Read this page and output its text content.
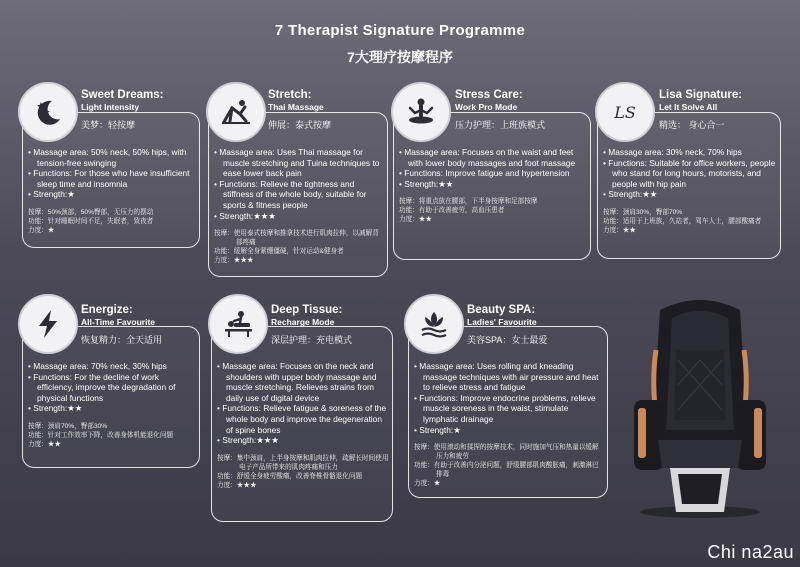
7 Therapist Signature Programme
7大理疗按摩程序
Sweet Dreams:
Light Intensity
美梦：轻按摩
• Massage area: 50% neck, 50% hips, with tension-free swinging
• Functions: For those who have insufficient sleep time and insomnia
• Strength:★
按摩：50%颈部，50%臀部，无压力的摆动
功能：针对睡眠时间不足，失眠者，致夜者
力度：★
Stretch:
Thai Massage
伸展：泰式按摩
• Massage area: Uses Thai massage for muscle stretching and Tuina techniques to ease lower back pain
• Functions: Relieve the tightness and stiffness of the whole body, suitable for sports & fitness people
• Strength:★★★
按摩：使用泰式按摩和推拿技术进行肌肉拉伸，以减解背部疼痛
功能：缓解全身紧绷僵硬，针对运动&健身者
力度：★★★
Stress Care:
Work Pro Mode
压力护理：上班族模式
• Massage area: Focuses on the waist and feet with lower body massages and foot massage
• Functions: Improve fatigue and hypertension
• Strength:★★
按摩：将重点放在腰部，下半身按摩和足部按摩
功能：有助于改善疲劳，高血压患者
力度：★★
LS
Lisa Signature:
Let It Solve All
精选： 身心合一
• Massage area: 30% neck, 70% hips
• Functions: Suitable for office workers, people who stand for long hours, motorists, and people with hip pain
• Strength:★★
按摩：颈肩30%，臀部70%
功能：适用于上班族，久站者，驾车人士，腰部酸痛者
力度：★★
Energize:
All-Time Favourite
恢复精力：全天适用
• Massage area: 70% neck, 30% hips
• Functions: For the decline of work efficiency, improve the degradation of physical functions
• Strength:★★
按摩：颈肩70%，臀部30%
功能：针对工作效率下降，改善身体机能退化问题
力度：★★
Deep Tissue:
Recharge Mode
深层护理：充电模式
• Massage area: Focuses on the neck and shoulders with upper body massage and muscle stretching. Relieves strains from daily use of digital device
• Functions: Relieve fatigue & soreness of the whole body and improve the degeneration of spine bones
• Strength:★★★
按摩：集中颈肩，上半身按摩和肌肉拉伸，疏解长时间使用电子产品所带来的肌肉疼痛和压力
功能：舒缓全身疲劳酸痛，改善脊椎骨骼退化问题
力度：★★★
Beauty SPA:
Ladies' Favourite
美容SPA：女士最爱
• Massage area: Uses rolling and kneading massage techniques with air pressure and heat to relieve stress and fatigue
• Functions: Improve endocrine problems, relieve muscle soreness in the waist, stimulate lymphatic drainage
• Strength:★
按摩：使用滚动和揉捏的按摩技术，同时施加气压和热量以缓解压力和疲劳
功能：有助于改善内分泌问题，舒缓腰部肌肉酸胀痛，刺激淋巴排毒
力度：★
Chi na2au
